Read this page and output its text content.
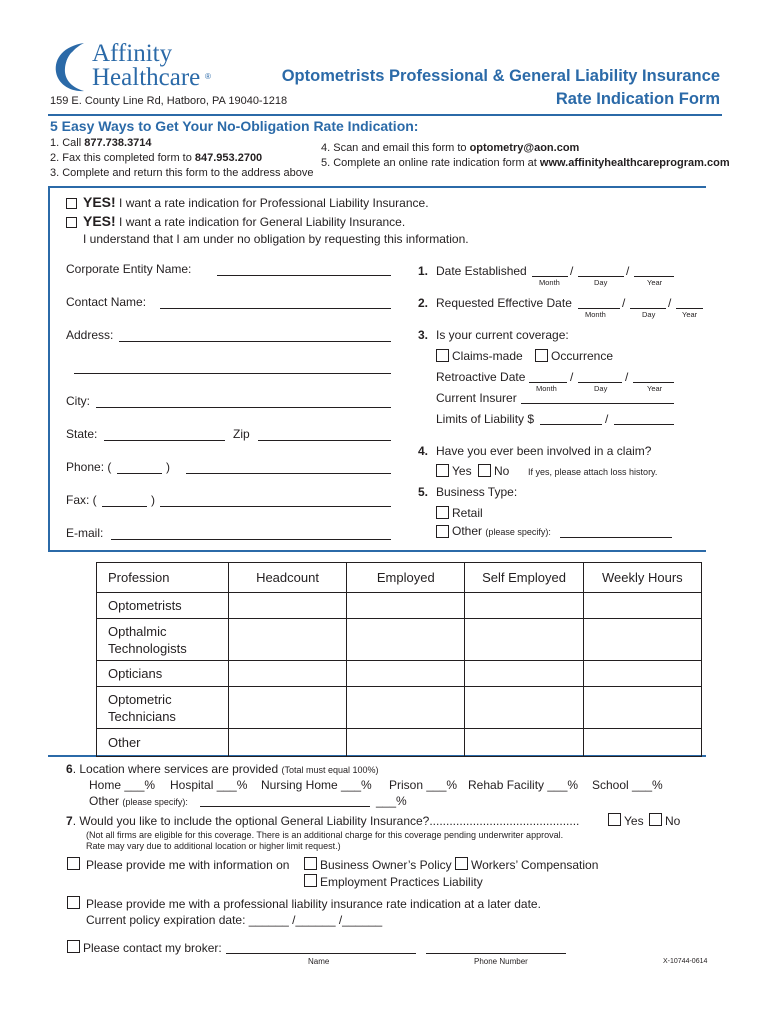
Affinity
Healthcare ®
159 E. County Line Rd, Hatboro, PA 19040-1218
Optometrists Professional & General Liability Insurance
Rate Indication Form
5 Easy Ways to Get Your No-Obligation Rate Indication:
1. Call 877.738.3714
2. Fax this completed form to 847.953.2700
3. Complete and return this form to the address above
4. Scan and email this form to optometry@aon.com
5. Complete an online rate indication form at www.affinityhealthcareprogram.com
YES! I want a rate indication for Professional Liability Insurance.
YES! I want a rate indication for General Liability Insurance.
I understand that I am under no obligation by requesting this information.
Corporate Entity Name:
Contact Name:
Address:
City:
State:	Zip
Phone: (	)
Fax: (	)
E-mail:
1. Date Established	/	/
Month	Day	Year
2. Requested Effective Date	/	/
Month	Day	Year
3. Is your current coverage:
Claims-made Occurrence
Retroactive Date	/	/
Month	Day	Year
Current Insurer
Limits of Liability $	/
4. Have you ever been involved in a claim?
Yes No If yes, please attach loss history.
5. Business Type:
Retail
Other (please specify):
Profession	Headcount	Employed	Self Employed	Weekly Hours
Optometrists				
Opthalmic
Technologists				
Opticians				
Optometric
Technicians				
Other				
6. Location where services are provided (Total must equal 100%)
Home ___% Hospital ___% Nursing Home ___% Prison ___% Rehab Facility ___% School ___%
Other (please specify):	___%
7. Would you like to include the optional General Liability Insurance?.............................................	Yes No
(Not all firms are eligible for this coverage. There is an additional charge for this coverage pending underwriter approval.
Rate may vary due to additional location or higher limit request.)
Please provide me with information on	Business Owner’s Policy Workers’ Compensation
Employment Practices Liability
Please provide me with a professional liability insurance rate indication at a later date.
Current policy expiration date: ______ /______ /______
Please contact my broker:
Name	Phone Number	X-10744-0614
